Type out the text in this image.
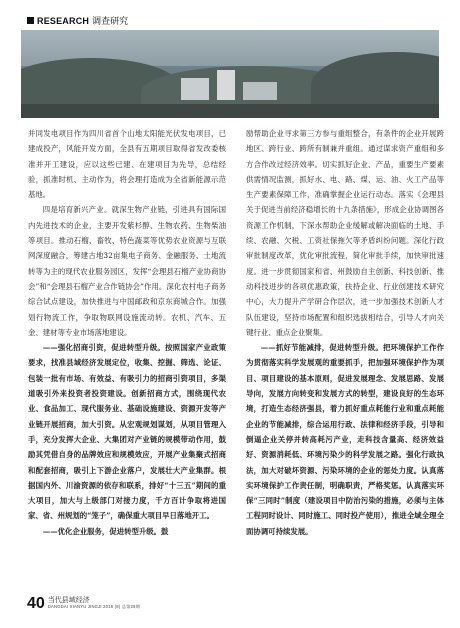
RESEARCH 调查研究

并同发电项目作为四川省首个山地太阳能光伏发电项目，已建成投产，风能开发方面，全县有五期项目取得省发改委核准并开工建设，应以这些已建、在建项目为先导，总结经验，抓准时机、主动作为，将会理打造成为全省新能源示范基地。

四是培育新兴产业。就深生物产业链，引进具有国际国内先进技术的企业，主要开发紫杉醇、生物农药、生物柴油等项目。推动石榴、畜牧、特色蔬菜等优势农业资源与互联网深度融合，筹建古地32亩集电子商务、金融服务、土地流转等为主的现代农业服务园区，发挥“会理县石榴产业协商协会”和“会理县石榴产业合作链协会”作用。深化农村电子商务综合试点建设，加快推进与中国邮政和京东商城合作。加强划行物流工作，争取物联网设施流动转。农机、汽车、五金、建材等专业市场落地建设。

——强化招商引资，促进转型升级。按照国家产业政策要求，找准县域经济发展定位，收集、挖掘、筛选、论证、包装一批有市场、有效益、有吸引力的招商引资项目，多渠道吸引外来投资者投资建设。创新招商方式，围绕现代农业、食品加工、现代服务业、基础设施建设、资源开发等产业链开展招商，加大引资。从宏观规划谋划，从项目管理入手，充分发挥大企业、大集团对产业链的规模带动作用，鼓励其凭借自身的品牌效应和规模效应，开展产业集聚式招商和配套招商，吸引上下游企业落户，发展壮大产业集群。根据国内外、川渝资源的依存和联系，排好“十三五”期间的重大项目，加大与上级部门对接力度，千方百计争取将进国家、省、州规划的“笼子”，确保重大项目早日落地开工。

——优化企业服务，促进转型升级。鼓

励帮助企业寻求第三方参与重组整合，有条件的企业开展跨地区、跨行业、跨所有制兼并重组。通过谋求资产重组和多方合作改过经济效率。切实抓好企业、产品，重要生产要素供需情况监测，抓好水、电、路、煤、运、油、火工产品等生产要素保障工作，准确掌握企业运行动态。落实《会理县关于促进当前经济稳增长的十九条措施》，形成企业协调图各资源工作机制，下深水帮助企业缓解或解决面临的土地、手续、农融、欠税、工资社保拖欠等矛盾纠纷问题。深化行政审批制度改革，优化审批流程，简化审批手续，加快审批速度。进一步贯彻国家和省、州鼓励自主创新、科技创新、推动科技进步的各项优惠政策，扶持企业、行业创建技术研究中心，大力提升产学研合作层次，进一步加强技术创新人才队伍建设，坚持市场配置和组织选拔相结合，引导人才向关键行业、重点企业聚集。

——抓好节能减排，促进转型升级。把环境保护工作作为贯彻落实科学发展观的重要抓手，把加强环境保护作为项目、项目建设的基本原则，促进发展理念、发展思路、发展导向，发展方向转变和发展方式的转型，建设良好的生态环境，打造生态经济强县，着力抓好重点耗能行业和重点耗能企业的节能减排，综合运用行政、法律和经济手段，引导和倒逼企业关停并转高耗污产业，走科技含量高、经济效益好、资源消耗低、环境污染少的科学发展之路。强化行政执法，加大对破坏资源、污染环境的企业的惩处力度。认真落实环境保护工作责任制，明确职责，严格奖惩。认真落实环保“三同时”制度（建设项目中防治污染的措施，必须与主体工程同时设计、同时施工、同时投产使用），推进全域全理全面协调可持续发展。

40 当代县域经济
DANGDAI XIANYU JINGJI 2016 (8) 总第29期
